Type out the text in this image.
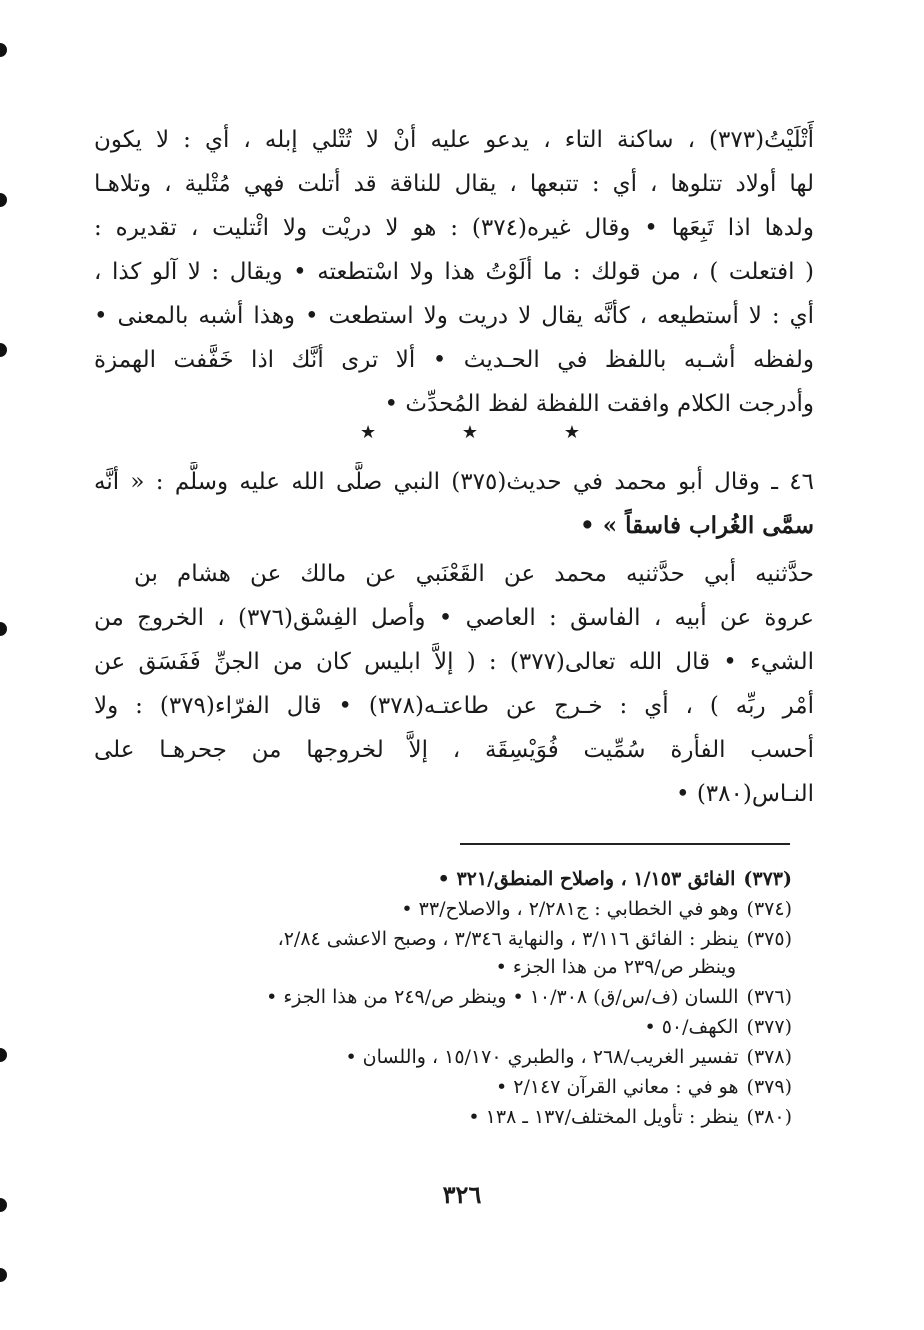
أَتْلَيْتُ(٣٧٣) ، ساكنة التاء ، يدعو عليه أنْ لا تُتْلي إبله ، أي : لا يكون
لها أولاد تتلوها ، أي : تتبعها ، يقال للناقة قد أتلت فهي مُتْلية ، وتلاهـا
ولدها اذا تَبِعَها • وقال غيره(٣٧٤) : هو لا دريْت ولا ائْتليت ، تقديره :
( افتعلت ) ، من قولك : ما ألَوْتُ هذا ولا اسْتطعته • ويقال : لا آلو كذا ،
أي : لا أستطيعه ، كأنَّه يقال لا دريت ولا استطعت • وهذا أشبه بالمعنى •
ولفظه أشـبه باللفظ في الحـديث • ألا ترى أنَّك اذا خَفَّفت الهمزة
وأدرجت الكلام وافقت اللفظة لفظ المُحدِّث •
★	★	★
٤٦ ـ وقال أبو محمد في حديث(٣٧٥) النبي صلَّى الله عليه وسلَّم : « أنَّه
سمَّى الغُراب فاسقاً » •
حدَّثنيه أبي حدَّثنيه محمد عن القَعْنَبي عن مالك عن هشام بن
عروة عن أبيه ، الفاسق : العاصي • وأصل الفِسْق(٣٧٦) ، الخروج من
الشيء • قال الله تعالى(٣٧٧) : ( إلاَّ ابليس كان من الجنِّ فَفَسَق عن
أمْر ربِّه ) ، أي : خـرج عن طاعتـه(٣٧٨) • قال الفرّاء(٣٧٩) : ولا
أحسب الفأرة سُمِّيت فُوَيْسِقَة ، إلاَّ لخروجها من جحرهـا على
النـاس(٣٨٠) •
(٣٧٣)الفائق ١/١٥٣ ، واصلاح المنطق/٣٢١ •
(٣٧٤)وهو في الخطابي : ج٢/٢٨١ ، والاصلاح/٣٣ •
(٣٧٥)ينظر : الفائق ٣/١١٦ ، والنهاية ٣/٣٤٦ ، وصبح الاعشى ٢/٨٤،
وينظر ص/٢٣٩ من هذا الجزء •
(٣٧٦)اللسان (ف/س/ق) ١٠/٣٠٨ • وينظر ص/٢٤٩ من هذا الجزء •
(٣٧٧)الكهف/٥٠ •
(٣٧٨)تفسير الغريب/٢٦٨ ، والطبري ١٥/١٧٠ ، واللسان •
(٣٧٩)هو في : معاني القرآن ٢/١٤٧ •
(٣٨٠)ينظر : تأويل المختلف/١٣٧ ـ ١٣٨ •
٣٢٦
